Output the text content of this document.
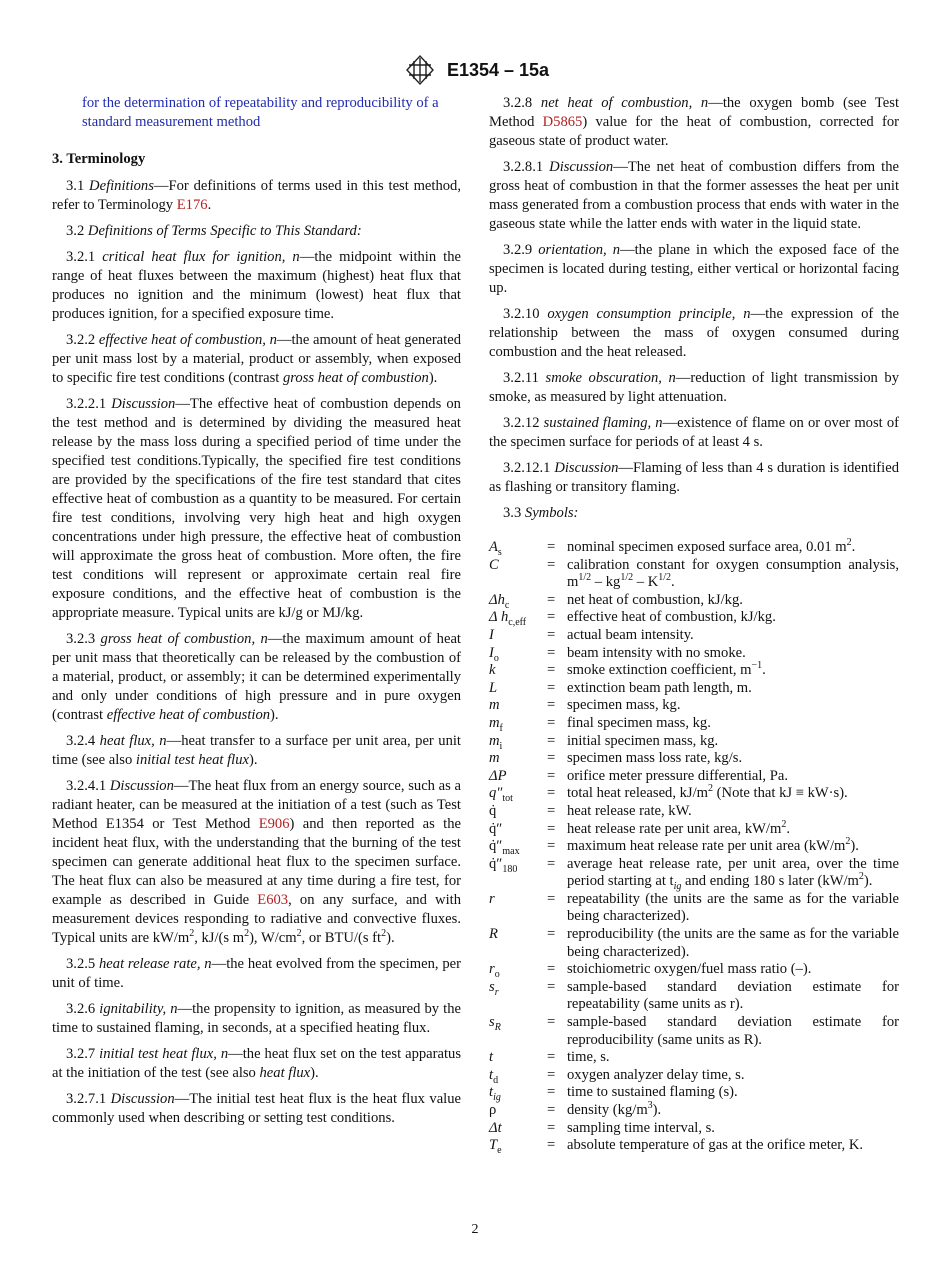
E1354 – 15a

for the determination of repeatability and reproducibility of a standard measurement method

3. Terminology

3.1 Definitions—For definitions of terms used in this test method, refer to Terminology E176.

3.2 Definitions of Terms Specific to This Standard:

3.2.1 critical heat flux for ignition, n—the midpoint within the range of heat fluxes between the maximum (highest) heat flux that produces no ignition and the minimum (lowest) heat flux that produces ignition, for a specified exposure time.

3.2.2 effective heat of combustion, n—the amount of heat generated per unit mass lost by a material, product or assembly, when exposed to specific fire test conditions (contrast gross heat of combustion).

3.2.2.1 Discussion—The effective heat of combustion depends on the test method and is determined by dividing the measured heat release by the mass loss during a specified period of time under the specified test conditions.Typically, the specified fire test conditions are provided by the specifications of the fire test standard that cites effective heat of combustion as a quantity to be measured. For certain fire test conditions, involving very high heat and high oxygen concentrations under high pressure, the effective heat of combustion will approximate the gross heat of combustion. More often, the fire test conditions will represent or approximate certain real fire exposure conditions, and the effective heat of combustion is the appropriate measure. Typical units are kJ/g or MJ/kg.

3.2.3 gross heat of combustion, n—the maximum amount of heat per unit mass that theoretically can be released by the combustion of a material, product, or assembly; it can be determined experimentally and only under conditions of high pressure and in pure oxygen (contrast effective heat of combustion).

3.2.4 heat flux, n—heat transfer to a surface per unit area, per unit time (see also initial test heat flux).

3.2.4.1 Discussion—The heat flux from an energy source, such as a radiant heater, can be measured at the initiation of a test (such as Test Method E1354 or Test Method E906) and then reported as the incident heat flux, with the understanding that the burning of the test specimen can generate additional heat flux to the specimen surface. The heat flux can also be measured at any time during a fire test, for example as described in Guide E603, on any surface, and with measurement devices responding to radiative and convective fluxes. Typical units are $kW/m^2$, kJ/(s $m^2$), $W/cm^2$, or BTU/(s $ft^2$).

3.2.5 heat release rate, n—the heat evolved from the specimen, per unit of time.

3.2.6 ignitability, n—the propensity to ignition, as measured by the time to sustained flaming, in seconds, at a specified heating flux.

3.2.7 initial test heat flux, n—the heat flux set on the test apparatus at the initiation of the test (see also heat flux).

3.2.7.1 Discussion—The initial test heat flux is the heat flux value commonly used when describing or setting test conditions.

3.2.8 net heat of combustion, n—the oxygen bomb (see Test Method D5865) value for the heat of combustion, corrected for gaseous state of product water.

3.2.8.1 Discussion—The net heat of combustion differs from the gross heat of combustion in that the former assesses the heat per unit mass generated from a combustion process that ends with water in the gaseous state while the latter ends with water in the liquid state.

3.2.9 orientation, n—the plane in which the exposed face of the specimen is located during testing, either vertical or horizontal facing up.

3.2.10 oxygen consumption principle, n—the expression of the relationship between the mass of oxygen consumed during combustion and the heat released.

3.2.11 smoke obscuration, n—reduction of light transmission by smoke, as measured by light attenuation.

3.2.12 sustained flaming, n—existence of flame on or over most of the specimen surface for periods of at least 4 s.

3.2.12.1 Discussion—Flaming of less than 4 s duration is identified as flashing or transitory flaming.

3.3 Symbols:

$A_s$	=	nominal specimen exposed surface area, 0.01 $m^2$.
C	=	calibration constant for oxygen consumption analysis, $m^{1/2} - kg^{1/2} - K^{1/2}$.
$\Delta h_c$	=	net heat of combustion, kJ/kg.
Δ $h_{c,eff}$	=	effective heat of combustion, kJ/kg.
I	=	actual beam intensity.
$I_o$	=	beam intensity with no smoke.
k	=	smoke extinction coefficient, $m^{-1}$.
L	=	extinction beam path length, m.
m	=	specimen mass, kg.
$m_f$	=	final specimen mass, kg.
$m_i$	=	initial specimen mass, kg.
m	=	specimen mass loss rate, kg/s.
ΔP	=	orifice meter pressure differential, Pa.
$q''_{tot}$	=	total heat released, $kJ/m^2$ (Note that kJ ≡ kW·s).
q̇	=	heat release rate, kW.
q̇″	=	heat release rate per unit area, $kW/m^2$.
$q̇''_{max}$	=	maximum heat release rate per unit area $(kW/m^2)$.
$q̇''_{180}$	=	average heat release rate, per unit area, over the time period starting at $t_{ig}$ and ending 180 s later $(kW/m^2)$.
r	=	repeatability (the units are the same as for the variable being characterized).
R	=	reproducibility (the units are the same as for the variable being characterized).
$r_o$	=	stoichiometric oxygen/fuel mass ratio (–).
$s_r$	=	sample-based standard deviation estimate for repeatability (same units as r).
$s_R$	=	sample-based standard deviation estimate for reproducibility (same units as R).
t	=	time, s.
$t_d$	=	oxygen analyzer delay time, s.
$t_{ig}$	=	time to sustained flaming (s).
ρ	=	density $(kg/m^3)$.
Δt	=	sampling time interval, s.
$T_e$	=	absolute temperature of gas at the orifice meter, K.
2
